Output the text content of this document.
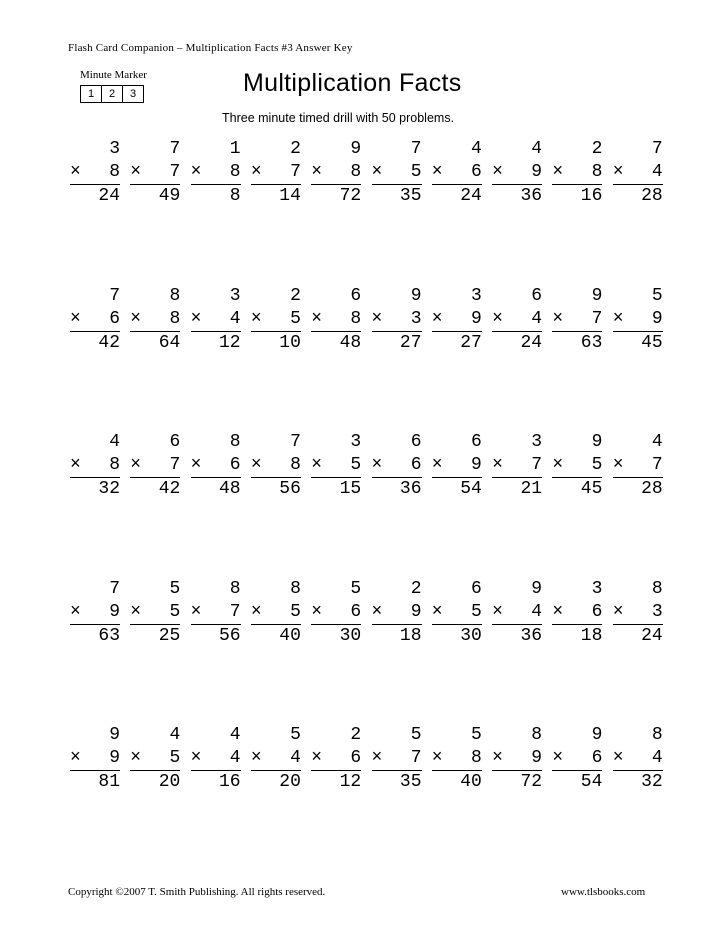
Flash Card Companion – Multiplication Facts #3 Answer Key
Minute Marker
1	2	3	Multiplication Facts
Three minute timed drill with 50 problems.
3
× 8
24
7
× 7
49
1
× 8
8
2
× 7
14
9
× 8
72
7
× 5
35
4
× 6
24
4
× 9
36
2
× 8
16
7
× 4
28
7
× 6
42
8
× 8
64
3
× 4
12
2
× 5
10
6
× 8
48
9
× 3
27
3
× 9
27
6
× 4
24
9
× 7
63
5
× 9
45
4
× 8
32
6
× 7
42
8
× 6
48
7
× 8
56
3
× 5
15
6
× 6
36
6
× 9
54
3
× 7
21
9
× 5
45
4
× 7
28
7
× 9
63
5
× 5
25
8
× 7
56
8
× 5
40
5
× 6
30
2
× 9
18
6
× 5
30
9
× 4
36
3
× 6
18
8
× 3
24
9
× 9
81
4
× 5
20
4
× 4
16
5
× 4
20
2
× 6
12
5
× 7
35
5
× 8
40
8
× 9
72
9
× 6
54
8
× 4
32
Copyright ©2007 T. Smith Publishing. All rights reserved.	www.tlsbooks.com
